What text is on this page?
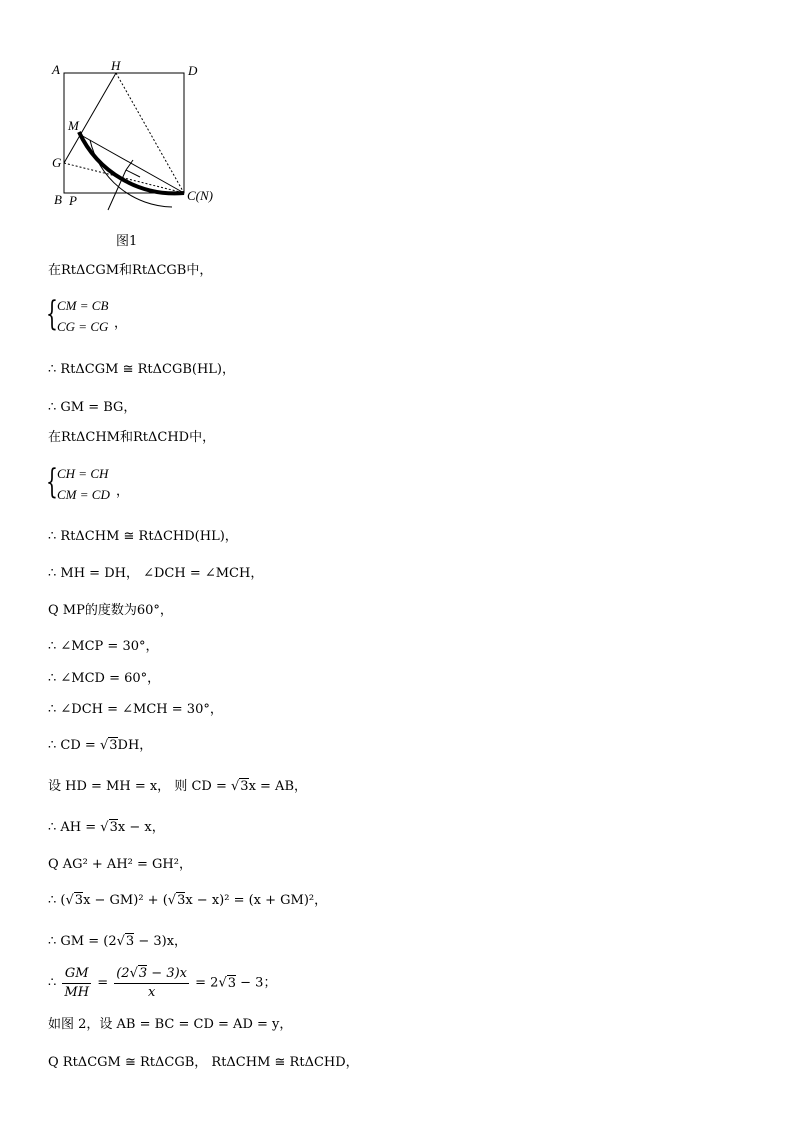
A	H	D
M
G
B P	C(N)
图1
在RtΔCGM和RtΔCGB中，
{ CM = CB
CG = CG ，
∴ RtΔCGM ≅ RtΔCGB(HL)，
∴ GM = BG，
在RtΔCHM和RtΔCHD中，
{ CH = CH
CM = CD ，
∴ RtΔCHM ≅ RtΔCHD(HL)，
∴ MH = DH， ∠DCH = ∠MCH，
Q MP的度数为60°，
∴ ∠MCP = 30°，
∴ ∠MCD = 60°，
∴ ∠DCH = ∠MCH = 30°，
∴ CD = √3DH，
设 HD = MH = x， 则 CD = √3x = AB，
∴ AH = √3x − x，
Q AG² + AH² = GH²，
∴ (√3x − GM)² + (√3x − x)² = (x + GM)²，
∴ GM = (2√3 − 3)x，
∴ $\frac{GM}{MH} = \frac{(2√3 - 3)x}{x} = 2√3 - 3$；
如图 2，设 AB = BC = CD = AD = y，
Q RtΔCGM ≅ RtΔCGB， RtΔCHM ≅ RtΔCHD，
